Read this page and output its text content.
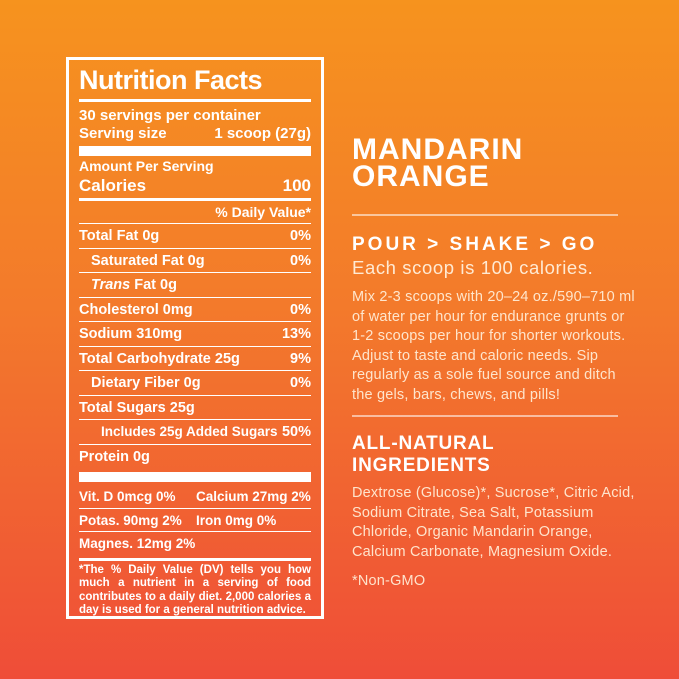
Nutrition Facts
30 servings per container
Serving size	1 scoop (27g)
Amount Per Serving
Calories	100
% Daily Value*
Total Fat 0g	0%
Saturated Fat 0g	0%
Trans Fat 0g
Cholesterol 0mg	0%
Sodium 310mg	13%
Total Carbohydrate 25g	9%
Dietary Fiber 0g	0%
Total Sugars 25g
Includes 25g Added Sugars 50%
Protein 0g
Vit. D 0mcg 0%	Calcium 27mg 2%
Potas. 90mg 2%	Iron 0mg 0%
Magnes. 12mg 2%
*The % Daily Value (DV) tells you how much a nutrient in a serving of food contributes to a daily diet. 2,000 calories a day is used for a general nutrition advice.
MANDARIN ORANGE
POUR > SHAKE > GO
Each scoop is 100 calories.

Mix 2-3 scoops with 20–24 oz./590–710 ml of water per hour for endurance grunts or 1-2 scoops per hour for shorter workouts. Adjust to taste and caloric needs. Sip regularly as a sole fuel source and ditch the gels, bars, chews, and pills!

ALL-NATURAL INGREDIENTS

Dextrose (Glucose)*, Sucrose*, Citric Acid, Sodium Citrate, Sea Salt, Potassium Chloride, Organic Mandarin Orange, Calcium Carbonate, Magnesium Oxide.

*Non-GMO
